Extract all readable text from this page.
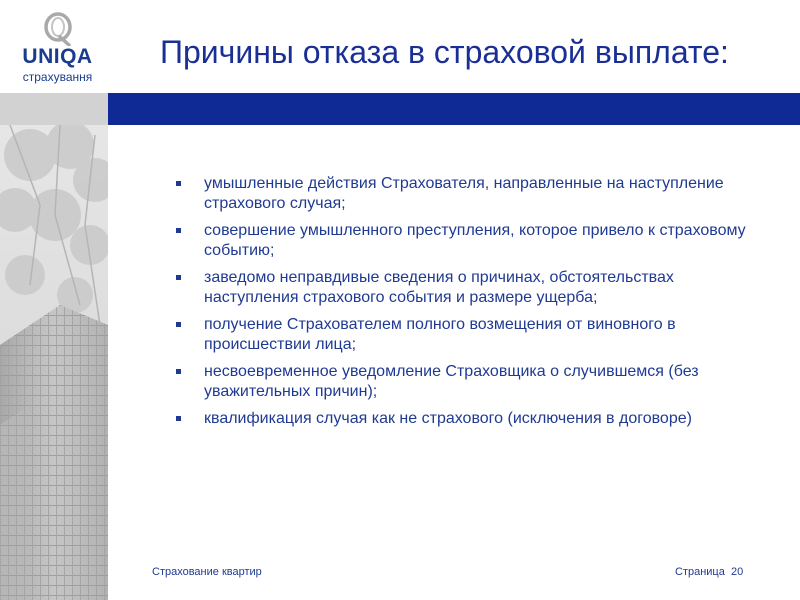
UNIQA
страхування
Причины отказа в страховой выплате:
умышленные действия Страхователя, направленные на наступление страхового случая;
совершение умышленного преступления, которое привело к страховому событию;
заведомо неправдивые сведения о причинах, обстоятельствах наступления страхового события и размере ущерба;
получение Страхователем полного возмещения от виновного в происшествии лица;
несвоевременное уведомление Страховщика о случившемся (без уважительных причин);
квалификация случая как не страхового (исключения в договоре)
Страхование квартир	Страница 20
